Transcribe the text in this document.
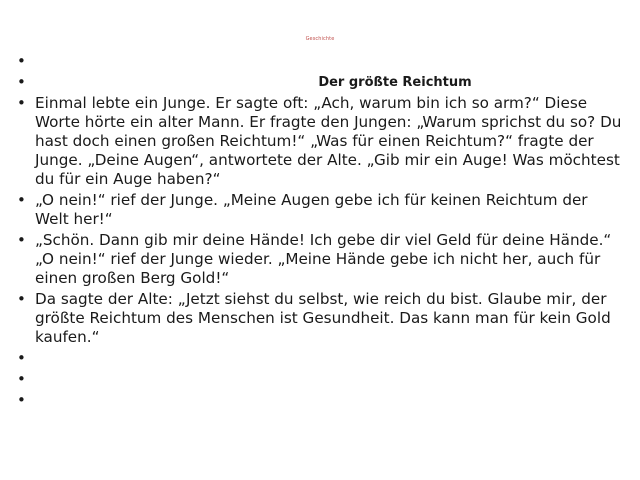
Geschichte
•
• Der größte Reichtum
• Einmal lebte ein Junge. Er sagte oft: „Ach, warum bin ich so arm?“ Diese Worte hörte ein alter Mann. Er fragte den Jungen: „Warum sprichst du so? Du hast doch einen großen Reichtum!“ „Was für einen Reichtum?“ fragte der Junge. „Deine Augen“, antwortete der Alte. „Gib mir ein Auge! Was möchtest du für ein Auge haben?“
• „O nein!“ rief der Junge. „Meine Augen gebe ich für keinen Reichtum der Welt her!“
• „Schön. Dann gib mir deine Hände! Ich gebe dir viel Geld für deine Hände.“ „O nein!“ rief der Junge wieder. „Meine Hände gebe ich nicht her, auch für einen großen Berg Gold!“
• Da sagte der Alte: „Jetzt siehst du selbst, wie reich du bist. Glaube mir, der größte Reichtum des Menschen ist Gesundheit. Das kann man für kein Gold kaufen.“
•
•
•
